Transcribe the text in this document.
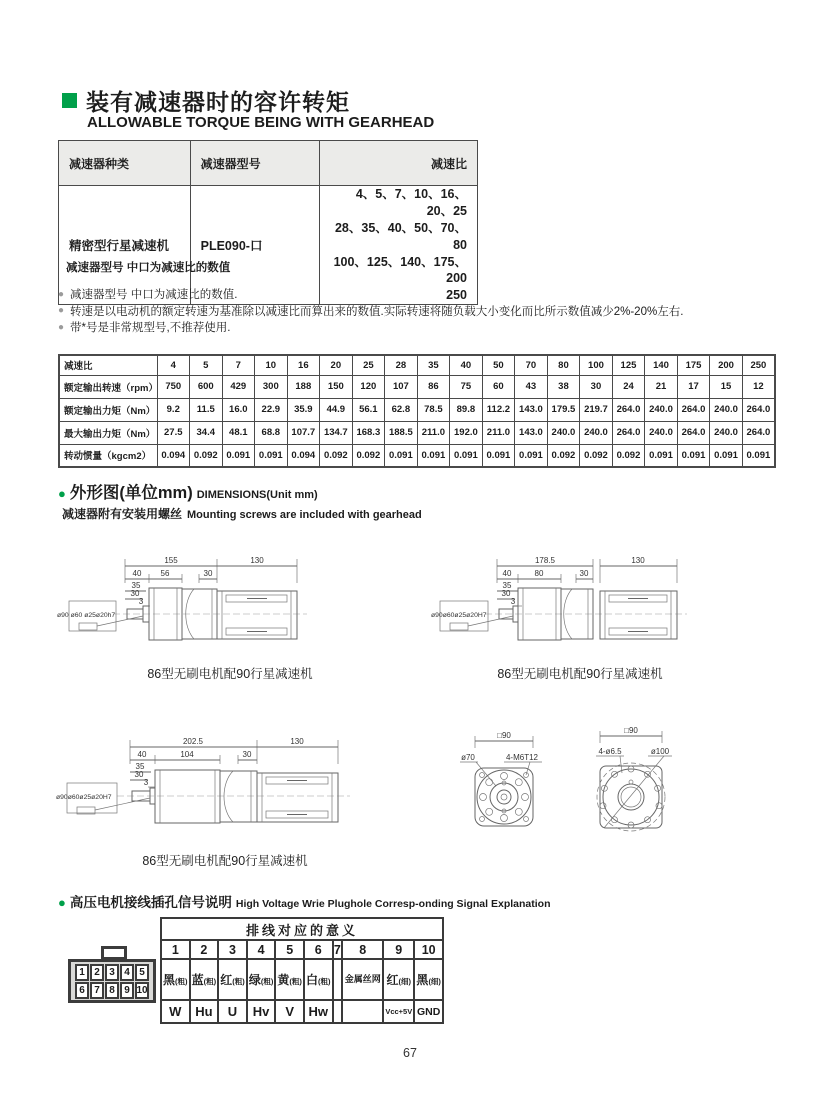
装有减速器时的容许转矩
ALLOWABLE TORQUE BEING WITH GEARHEAD
减速器种类	减速器型号	减速比
精密型行星减速机	PLE090-口	4、5、7、10、16、20、25
28、35、40、50、70、80
100、125、140、175、200
250
减速器型号 中口为减速比的数值
● 减速器型号 中口为减速比的数值.
● 转速是以电动机的额定转速为基准除以减速比而算出来的数值.实际转速将随负载大小变化而比所示数值减少2%-20%左右.
● 带*号是非常规型号,不推荐使用.
减速比	4	5	7	10	16	20	25	28	35	40	50	70	80	100	125	140	175	200	250
额定输出转速（rpm）	750	600	429	300	188	150	120	107	86	75	60	43	38	30	24	21	17	15	12
额定输出力矩（Nm）	9.2	11.5	16.0	22.9	35.9	44.9	56.1	62.8	78.5	89.8	112.2	143.0	179.5	219.7	264.0	240.0	264.0	240.0	264.0
最大输出力矩（Nm）	27.5	34.4	48.1	68.8	107.7	134.7	168.3	188.5	211.0	192.0	211.0	143.0	240.0	240.0	264.0	240.0	264.0	240.0	264.0
转动惯量（kgcm2）	0.094	0.092	0.091	0.091	0.094	0.092	0.092	0.091	0.091	0.091	0.091	0.091	0.092	0.092	0.092	0.091	0.091	0.091	0.091
● 外形图(单位mm) DIMENSIONS(Unit mm)
减速器附有安装用螺丝 Mounting screws are included with gearhead
155	130
40 56	30
35
30
3
ø90 ø60 ø25ø20h7
86型无刷电机配90行星减速机
178.5	130
40	80	30
35
30
3
ø90ø60ø25ø20H7
86型无刷电机配90行星减速机
202.5	130
40	104	30
35
30
3
ø90ø60ø25ø20H7
86型无刷电机配90行星减速机
□90
ø70	4-M6T12
□90
4-ø6.5	ø100
● 高压电机接线插孔信号说明 High Voltage Wrie Plughole Corresp-onding Signal Explanation
1 2 3 4 5
6 7 8 9 10
排线对应的意义									
1	2	3	4	5	6	7	8	9	10
黑(粗)	蓝(粗)	红(粗)	绿(粗)	黄(粗)	白(粗)		金属丝网	红(细)	黑(细)
W	Hu	U	Hv	V	Hw			Vcc+5V	GND
67
